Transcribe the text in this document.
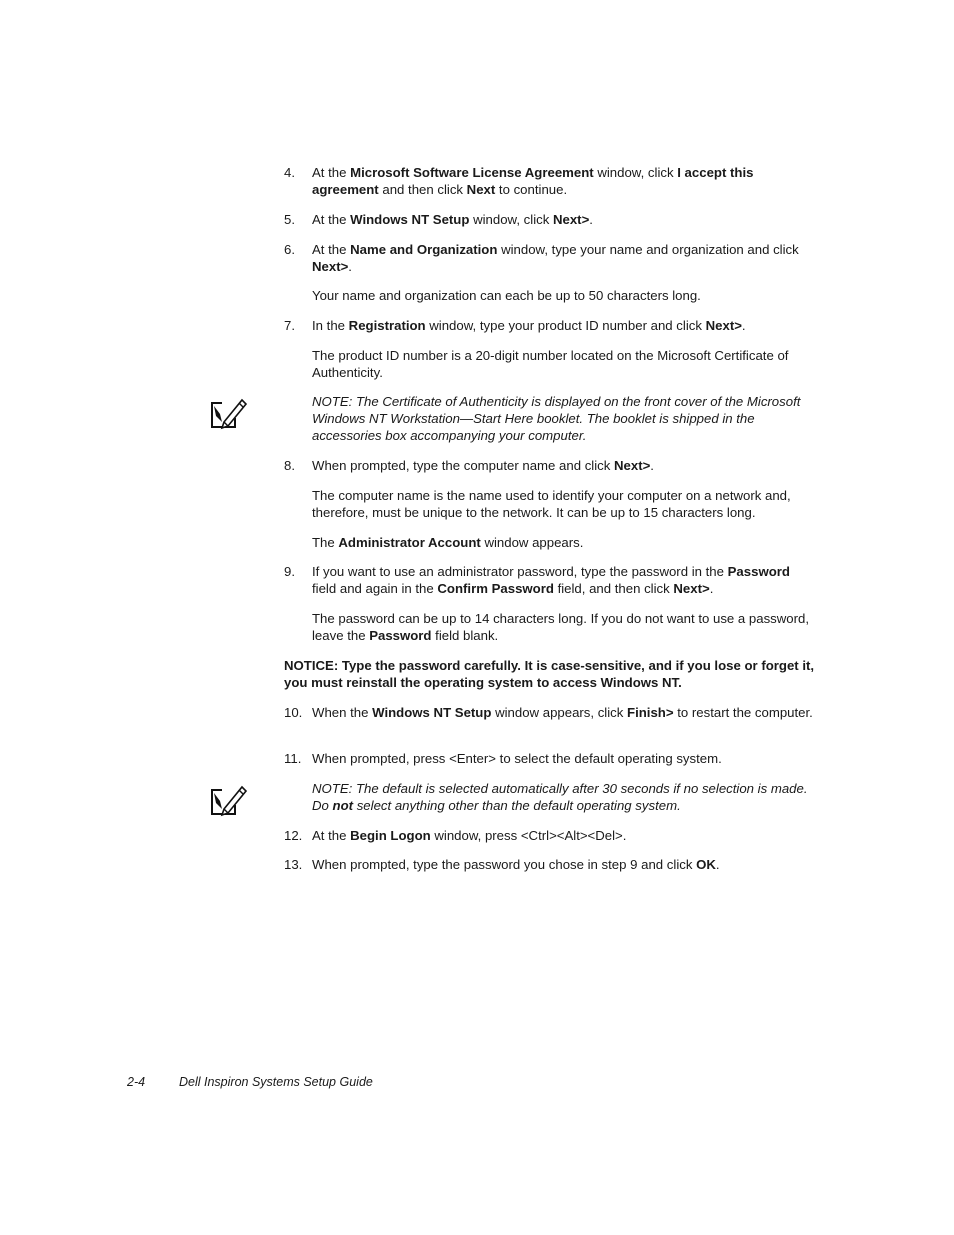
4.	At the Microsoft Software License Agreement window, click I accept this agreement and then click Next to continue.
5.	At the Windows NT Setup window, click Next>.
6.	At the Name and Organization window, type your name and organization and click Next>.
Your name and organization can each be up to 50 characters long.
7.	In the Registration window, type your product ID number and click Next>.
The product ID number is a 20-digit number located on the Microsoft Certificate of Authenticity.
NOTE: The Certificate of Authenticity is displayed on the front cover of the Microsoft Windows NT Workstation—Start Here booklet. The booklet is shipped in the accessories box accompanying your computer.
8.	When prompted, type the computer name and click Next>.
The computer name is the name used to identify your computer on a network and, therefore, must be unique to the network. It can be up to 15 characters long.
The Administrator Account window appears.
9.	If you want to use an administrator password, type the password in the Password field and again in the Confirm Password field, and then click Next>.
The password can be up to 14 characters long. If you do not want to use a password, leave the Password field blank.
NOTICE: Type the password carefully. It is case-sensitive, and if you lose or forget it, you must reinstall the operating system to access Windows NT.
10. When the Windows NT Setup window appears, click Finish> to restart the computer.
11. When prompted, press <Enter> to select the default operating system.
NOTE: The default is selected automatically after 30 seconds if no selection is made. Do not select anything other than the default operating system.
12. At the Begin Logon window, press <Ctrl><Alt><Del>.
13. When prompted, type the password you chose in step 9 and click OK.
2-4	Dell Inspiron Systems Setup Guide
